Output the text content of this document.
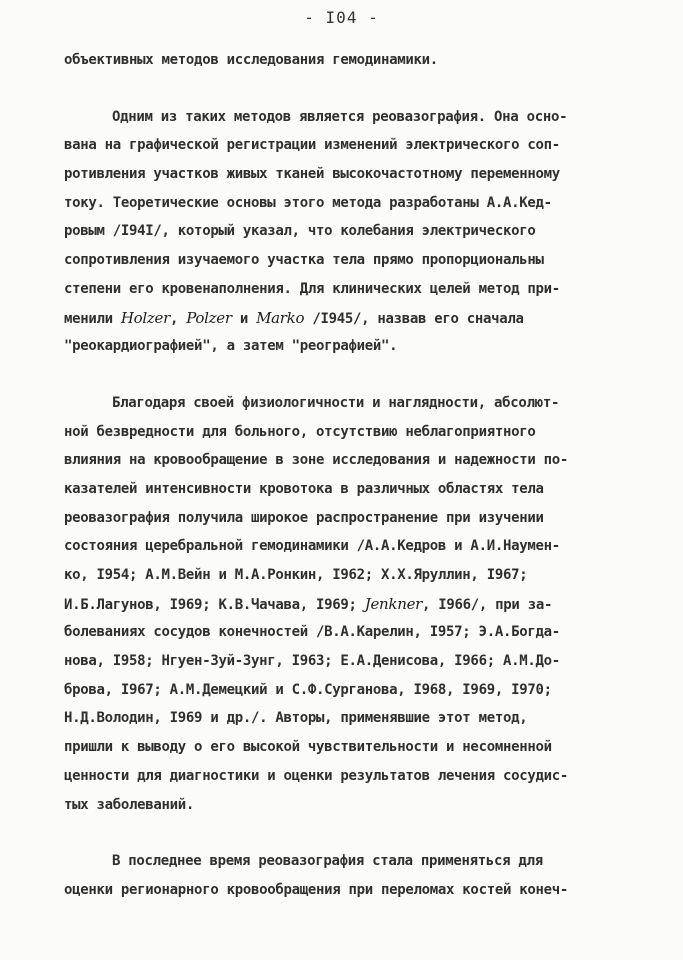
- I04 -
объективных методов исследования гемодинамики.
Одним из таких методов является реовазография. Она осно-
вана на графической регистрации изменений электрического соп-
ротивления участков живых тканей высокочастотному переменному
току. Теоретические основы этого метода разработаны А.А.Кед-
ровым /I94I/, который указал, что колебания электрического
сопротивления изучаемого участка тела прямо пропорциональны
степени его кровенаполнения. Для клинических целей метод при-
менили Holzer, Polzer и Marko /I945/, назвав его сначала
"реокардиографией", а затем "реографией".
Благодаря своей физиологичности и наглядности, абсолют-
ной безвредности для больного, отсутствию неблагоприятного
влияния на кровообращение в зоне исследования и надежности по-
казателей интенсивности кровотока в различных областях тела
реовазография получила широкое распространение при изучении
состояния церебральной гемодинамики /А.А.Кедров и А.И.Наумен-
ко, I954; А.М.Вейн и М.А.Ронкин, I962; Х.Х.Яруллин, I967;
И.Б.Лагунов, I969; К.В.Чачава, I969; Jenkner, I966/, при за-
болеваниях сосудов конечностей /В.А.Карелин, I957; Э.А.Богда-
нова, I958; Нгуен-Зуй-Зунг, I963; Е.А.Денисова, I966; А.М.До-
брова, I967; А.М.Демецкий и С.Ф.Сурганова, I968, I969, I970;
Н.Д.Володин, I969 и др./. Авторы, применявшие этот метод,
пришли к выводу о его высокой чувствительности и несомненной
ценности для диагностики и оценки результатов лечения сосудис-
тых заболеваний.
В последнее время реовазография стала применяться для
оценки регионарного кровообращения при переломах костей конеч-
